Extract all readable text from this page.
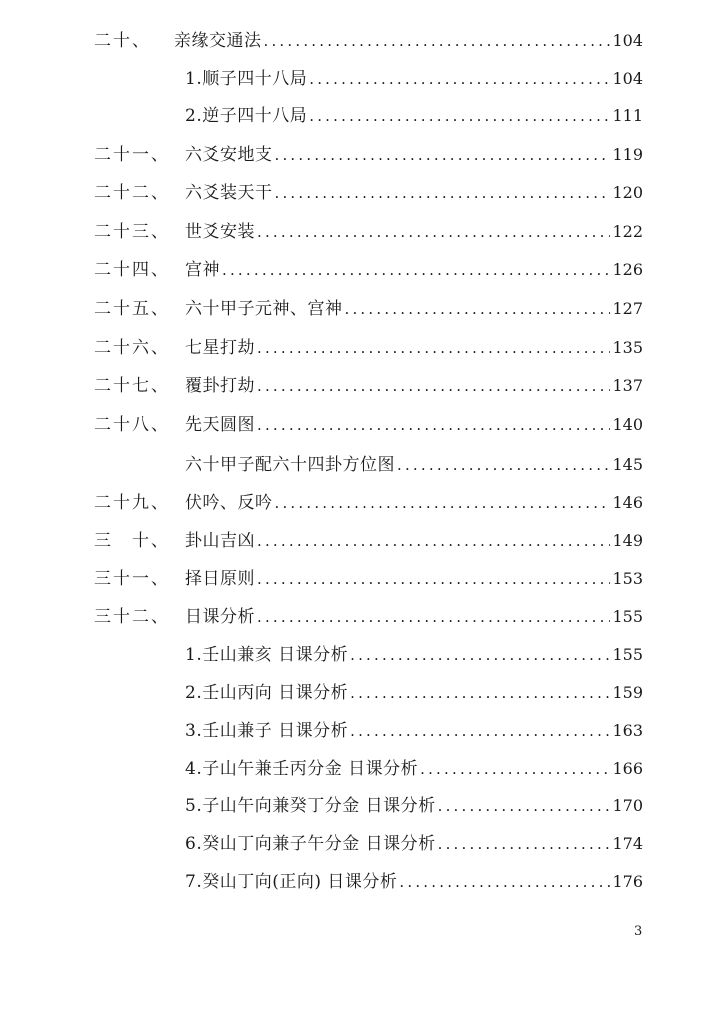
二十、 亲缘交通法 .....	104
1.顺子四十八局 .....	104
2.逆子四十八局 .....	111
二十一、 六爻安地支 .....	119
二十二、 六爻装天干 .....	120
二十三、 世爻安装 .....	122
二十四、 宫神 .....	126
二十五、 六十甲子元神、宫神 .....	127
二十六、 七星打劫 .....	135
二十七、 覆卦打劫 .....	137
二十八、 先天圆图 .....	140
六十甲子配六十四卦方位图 .....	145
二十九、 伏吟、反吟 .....	146
三　十、 卦山吉凶 .....	149
三十一、 择日原则 .....	153
三十二、 日课分析 .....	155
1.壬山兼亥 日课分析 .....	155
2.壬山丙向 日课分析 .....	159
3.壬山兼子 日课分析 .....	163
4.子山午兼壬丙分金 日课分析 .....	166
5.子山午向兼癸丁分金 日课分析 .....	170
6.癸山丁向兼子午分金 日课分析 .....	174
7.癸山丁向(正向) 日课分析 .....	176
3
